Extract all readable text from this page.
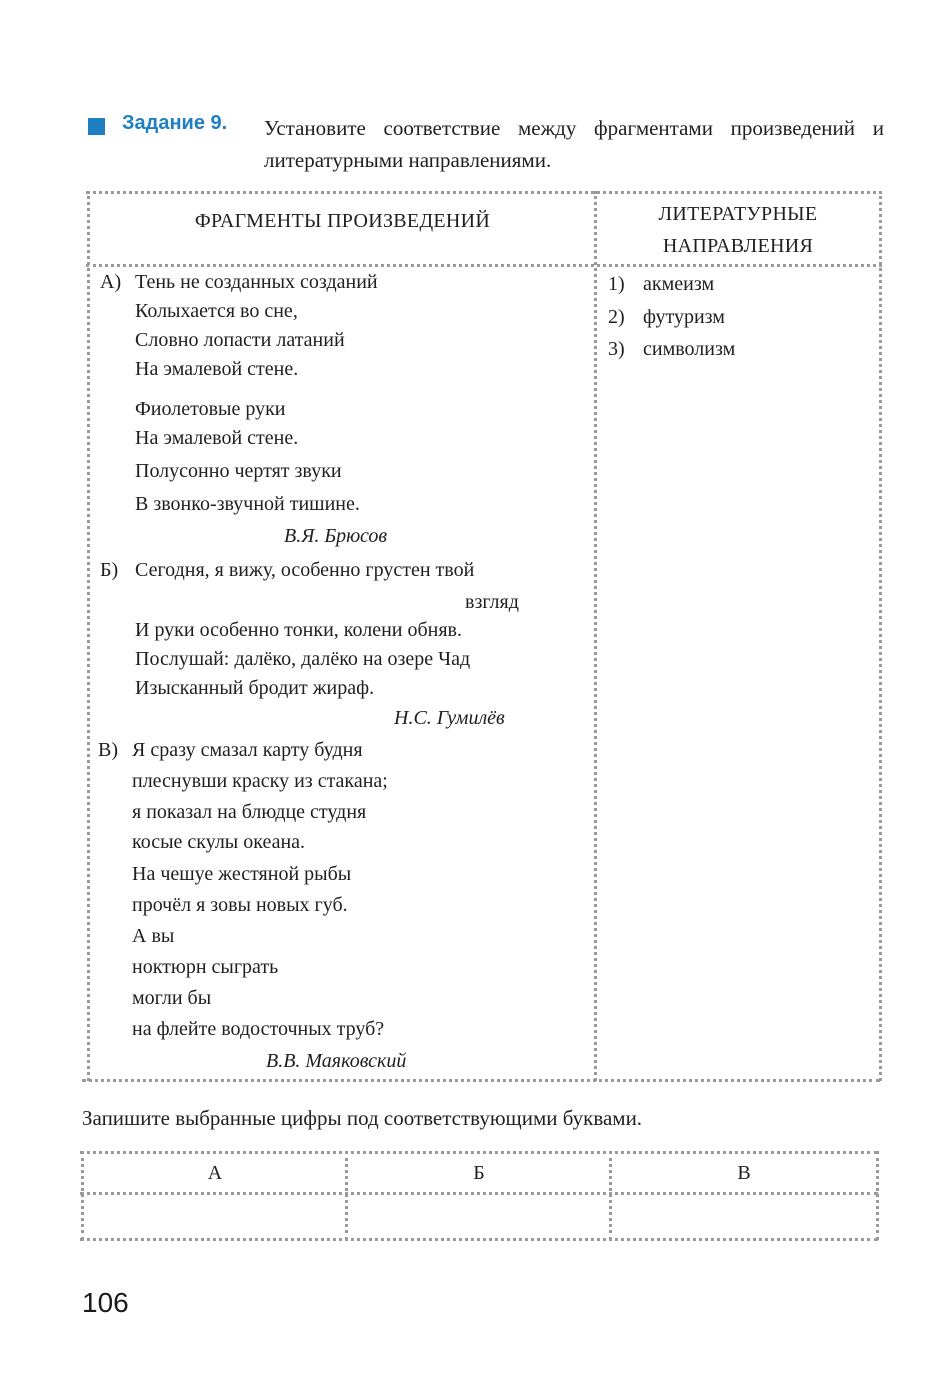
Задание 9. Установите соответствие между фрагментами произведений и литературными направлениями.
ФРАГМЕНТЫ ПРОИЗВЕДЕНИЙ	ЛИТЕРАТУРНЫЕ НАПРАВЛЕНИЯ
А) Тень не созданных созданий
Колыхается во сне,
Словно лопасти латаний
На эмалевой стене.
Фиолетовые руки
На эмалевой стене.
Полусонно чертят звуки
В звонко-звучной тишине.
В.Я. Брюсов
Б) Сегодня, я вижу, особенно грустен твой
взгляд
И руки особенно тонки, колени обняв.
Послушай: далёко, далёко на озере Чад
Изысканный бродит жираф.
Н.С. Гумилёв
В) Я сразу смазал карту будня
плеснувши краску из стакана;
я показал на блюдце студня
косые скулы океана.
На чешуе жестяной рыбы
прочёл я зовы новых губ.
А вы
ноктюрн сыграть
могли бы
на флейте водосточных труб?
В.В. Маяковский
1) акмеизм
2) футуризм
3) символизм
Запишите выбранные цифры под соответствующими буквами.
А	Б	В
106
